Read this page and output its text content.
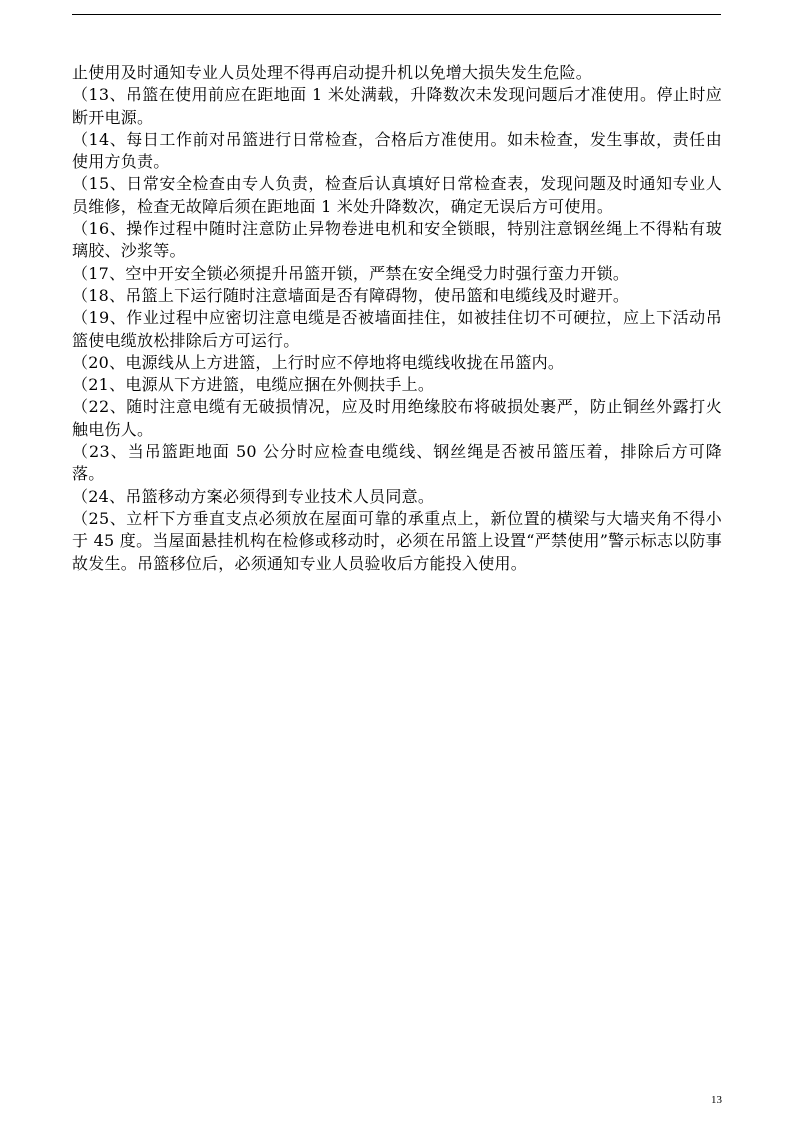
止使用及时通知专业人员处理不得再启动提升机以免增大损失发生危险。

（13、吊篮在使用前应在距地面 1 米处满载，升降数次未发现问题后才准使用。停止时应断开电源。

（14、每日工作前对吊篮进行日常检查，合格后方准使用。如未检查，发生事故，责任由使用方负责。

（15、日常安全检查由专人负责，检查后认真填好日常检查表，发现问题及时通知专业人员维修，检查无故障后须在距地面 1 米处升降数次，确定无误后方可使用。

（16、操作过程中随时注意防止异物卷进电机和安全锁眼，特别注意钢丝绳上不得粘有玻璃胶、沙浆等。

（17、空中开安全锁必须提升吊篮开锁，严禁在安全绳受力时强行蛮力开锁。

（18、吊篮上下运行随时注意墙面是否有障碍物，使吊篮和电缆线及时避开。

（19、作业过程中应密切注意电缆是否被墙面挂住，如被挂住切不可硬拉，应上下活动吊篮使电缆放松排除后方可运行。

（20、电源线从上方进篮，上行时应不停地将电缆线收拢在吊篮内。

（21、电源从下方进篮，电缆应捆在外侧扶手上。

（22、随时注意电缆有无破损情况，应及时用绝缘胶布将破损处裹严，防止铜丝外露打火触电伤人。

（23、当吊篮距地面 50 公分时应检查电缆线、钢丝绳是否被吊篮压着，排除后方可降落。

（24、吊篮移动方案必须得到专业技术人员同意。

（25、立杆下方垂直支点必须放在屋面可靠的承重点上，新位置的横梁与大墙夹角不得小于 45 度。当屋面悬挂机构在检修或移动时，必须在吊篮上设置“严禁使用”警示标志以防事故发生。吊篮移位后，必须通知专业人员验收后方能投入使用。

13
